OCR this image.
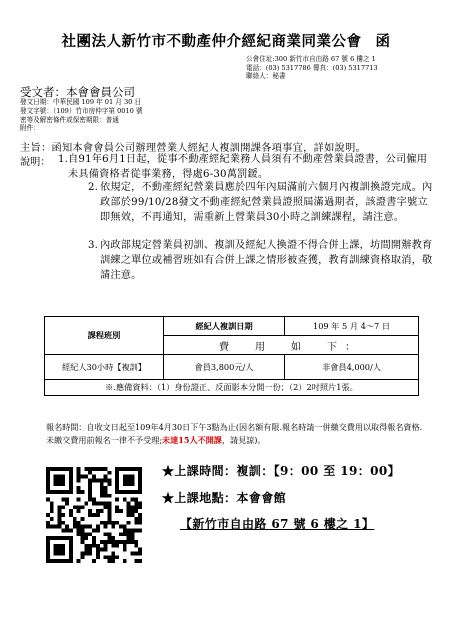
社團法人新竹市不動產仲介經紀商業同業公會 函
公會住址:300 新竹市自由路 67 號 6 樓之 1
電話：(03) 5317786 傳真：(03) 5317713
聯絡人：秘書
受文者：本會會員公司
發文日期：中華民國 109 年 01 月 30 日
發文字號：（109）竹市房仲字第 0010 號
密等及解密條件或保密期限：普通
附件：
主旨：函知本會會員公司辦理營業人經紀人複訓開課各項事宜，詳如說明。
說明： 1. 自91年6月1日起，從事不動產經紀業務人員須有不動產營業員證書，公司僱用未具備資格者從事業務，得處6-30萬罰鍰。
2. 依規定，不動產經紀營業員應於四年內屆滿前六個月內複訓換證完成。內政部於99/10/28發文不動產經紀營業員證照屆滿過期者，該證書字號立即無效，不再通知，需重新上營業員30小時之訓練課程，請注意。
3. 內政部規定營業員初訓、複訓及經紀人換證不得合併上課，坊間開辦教育訓練之單位或補習班如有合併上課之情形被查獲，教育訓練資格取消，敬請注意。
課程班別	經紀人複訓日期	109 年 5 月 4～7 日
	費　用　如　下：	
經紀人30小時【複訓】	會員3,800元/人	非會員4,000/人
※.應備資料：（1）身份證正、反面影本分開一份；（2）2吋照片1張。		
報名時間：自收文日起至109年4月30日下午3點為止(因名額有限.報名時請一併繳交費用以取得報名資格.未繳交費用前報名一律不予受理;未達15人不開課，請見諒)。
★上課時間：複訓：【9：00 至 19：00】
★上課地點：本會會館
【新竹市自由路 67 號 6 樓之 1】
